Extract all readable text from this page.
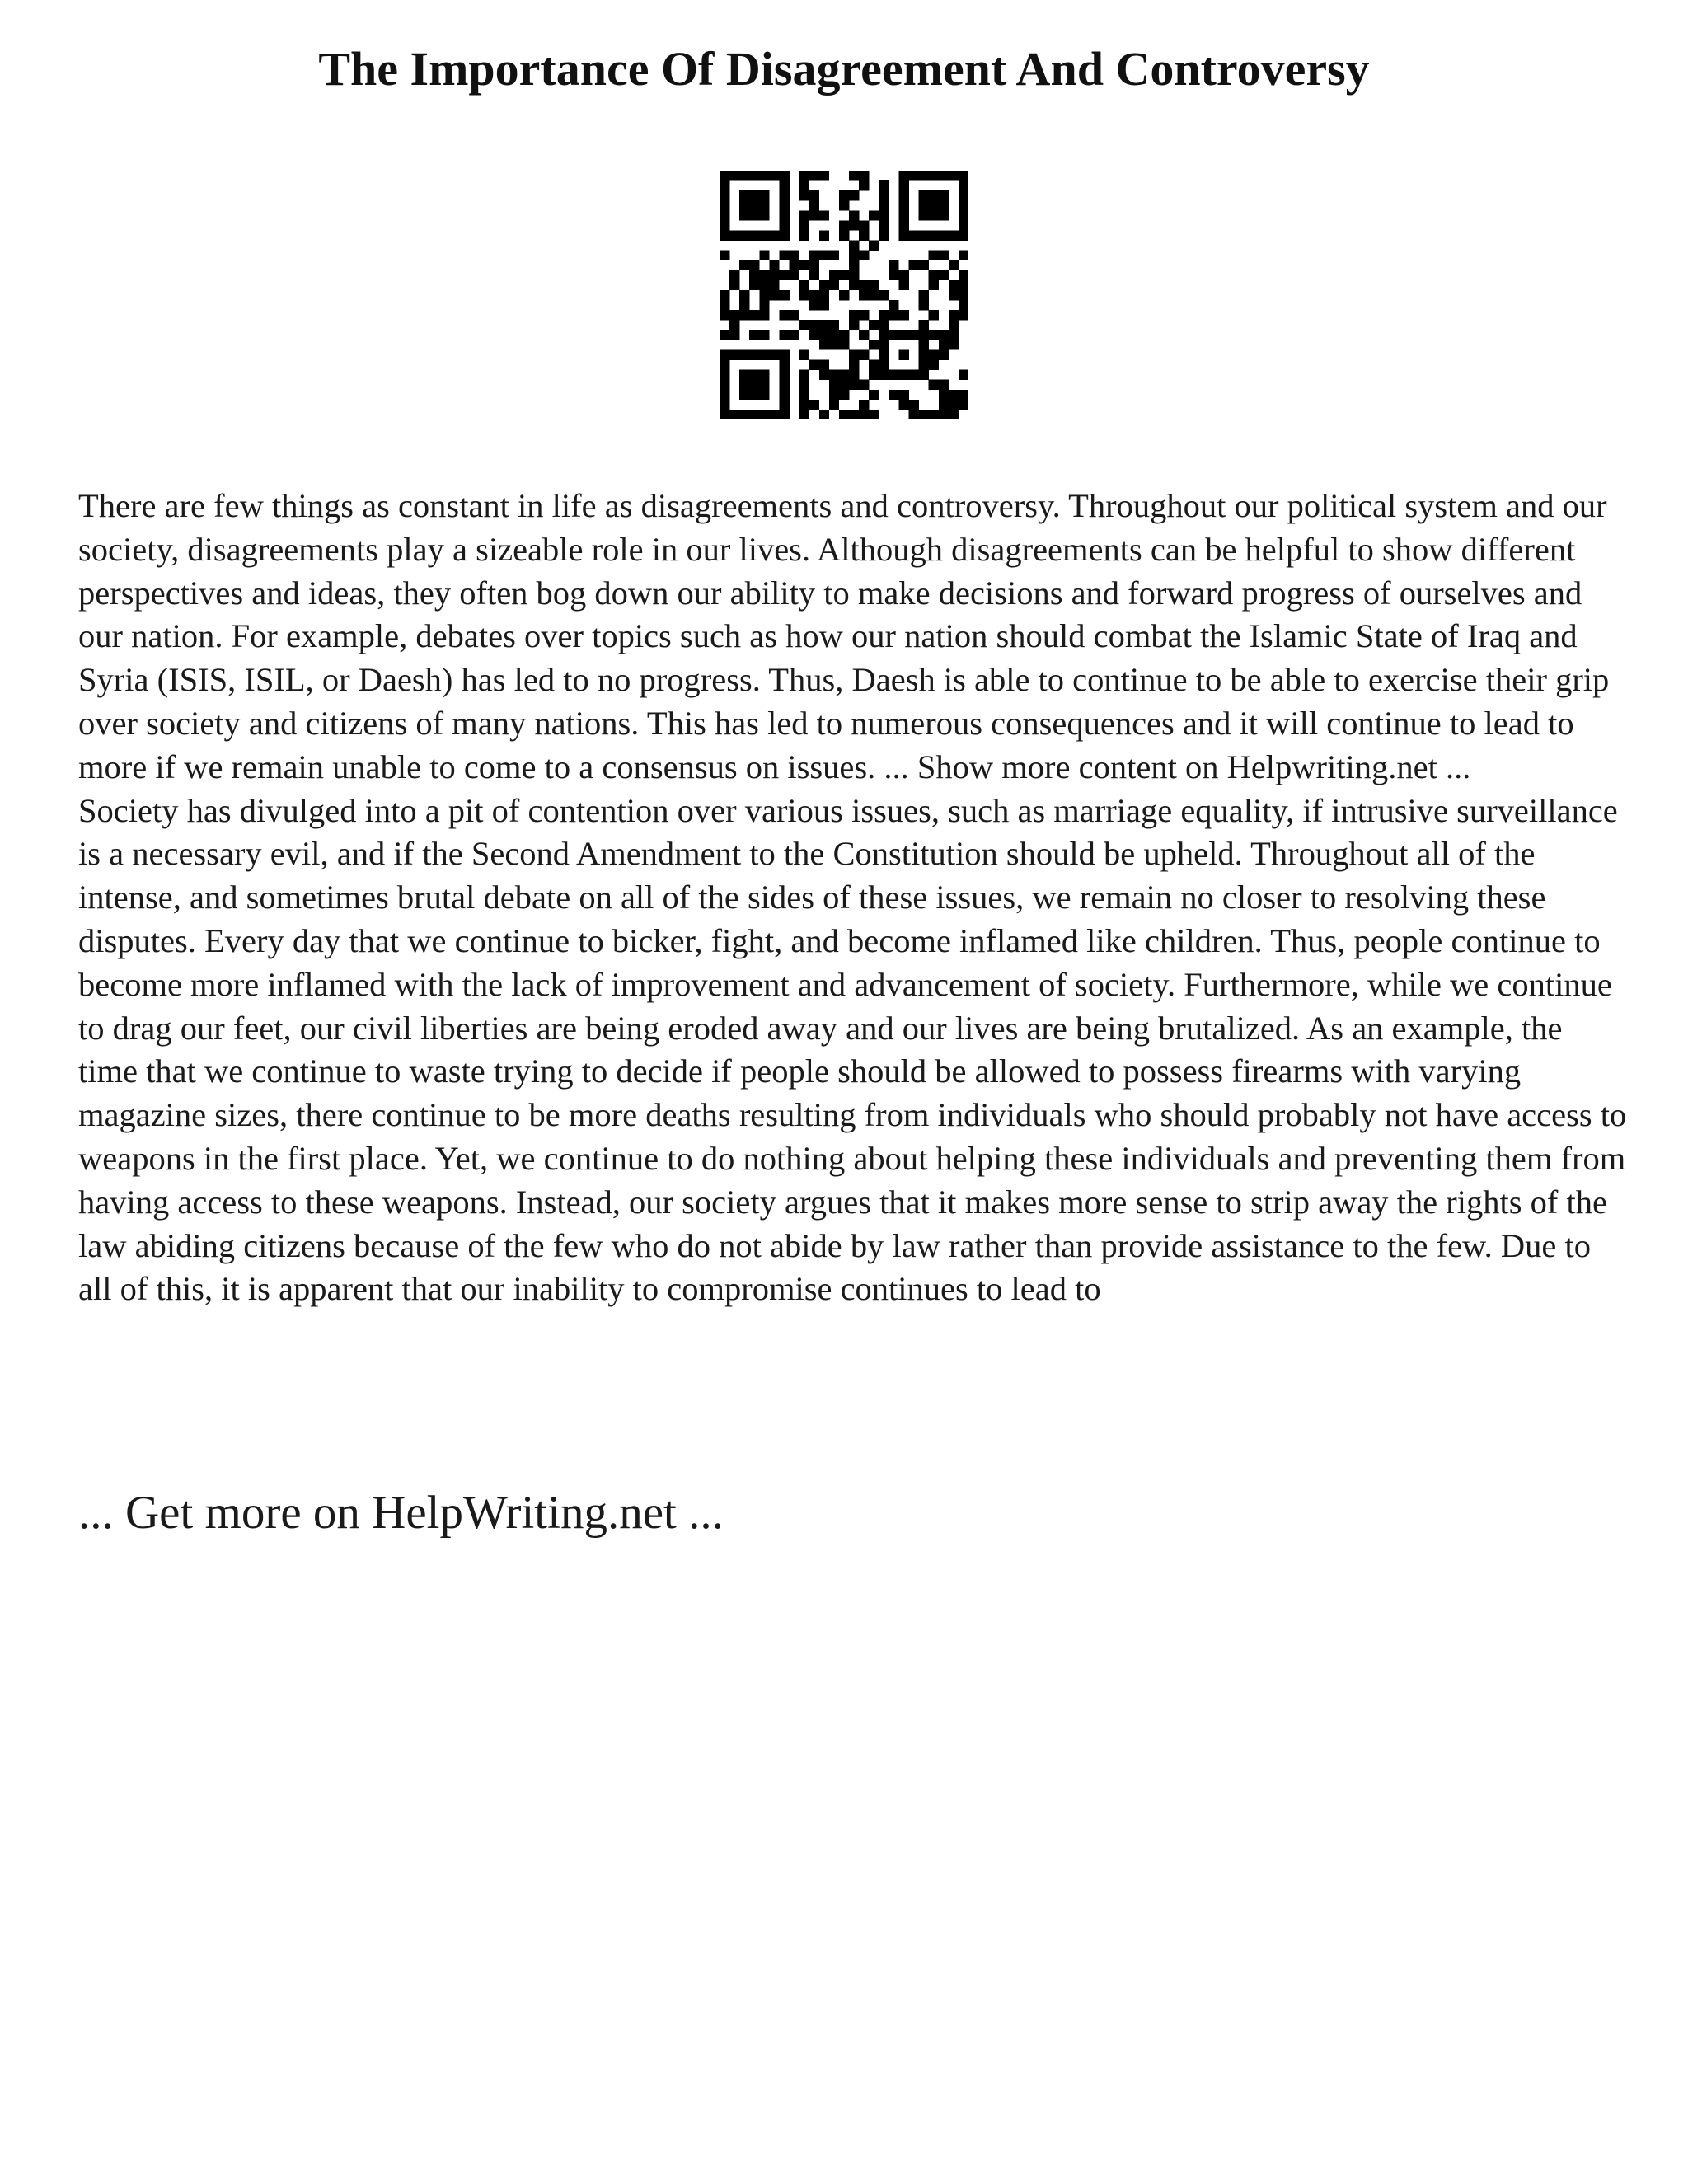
The Importance Of Disagreement And Controversy

There are few things as constant in life as disagreements and controversy. Throughout our political system and our society, disagreements play a sizeable role in our lives. Although disagreements can be helpful to show different perspectives and ideas, they often bog down our ability to make decisions and forward progress of ourselves and our nation. For example, debates over topics such as how our nation should combat the Islamic State of Iraq and Syria (ISIS, ISIL, or Daesh) has led to no progress. Thus, Daesh is able to continue to be able to exercise their grip over society and citizens of many nations. This has led to numerous consequences and it will continue to lead to more if we remain unable to come to a consensus on issues. ... Show more content on Helpwriting.net ...

Society has divulged into a pit of contention over various issues, such as marriage equality, if intrusive surveillance is a necessary evil, and if the Second Amendment to the Constitution should be upheld. Throughout all of the intense, and sometimes brutal debate on all of the sides of these issues, we remain no closer to resolving these disputes. Every day that we continue to bicker, fight, and become inflamed like children. Thus, people continue to become more inflamed with the lack of improvement and advancement of society. Furthermore, while we continue to drag our feet, our civil liberties are being eroded away and our lives are being brutalized. As an example, the time that we continue to waste trying to decide if people should be allowed to possess firearms with varying magazine sizes, there continue to be more deaths resulting from individuals who should probably not have access to weapons in the first place. Yet, we continue to do nothing about helping these individuals and preventing them from having access to these weapons. Instead, our society argues that it makes more sense to strip away the rights of the law abiding citizens because of the few who do not abide by law rather than provide assistance to the few. Due to all of this, it is apparent that our inability to compromise continues to lead to

... Get more on HelpWriting.net ...
